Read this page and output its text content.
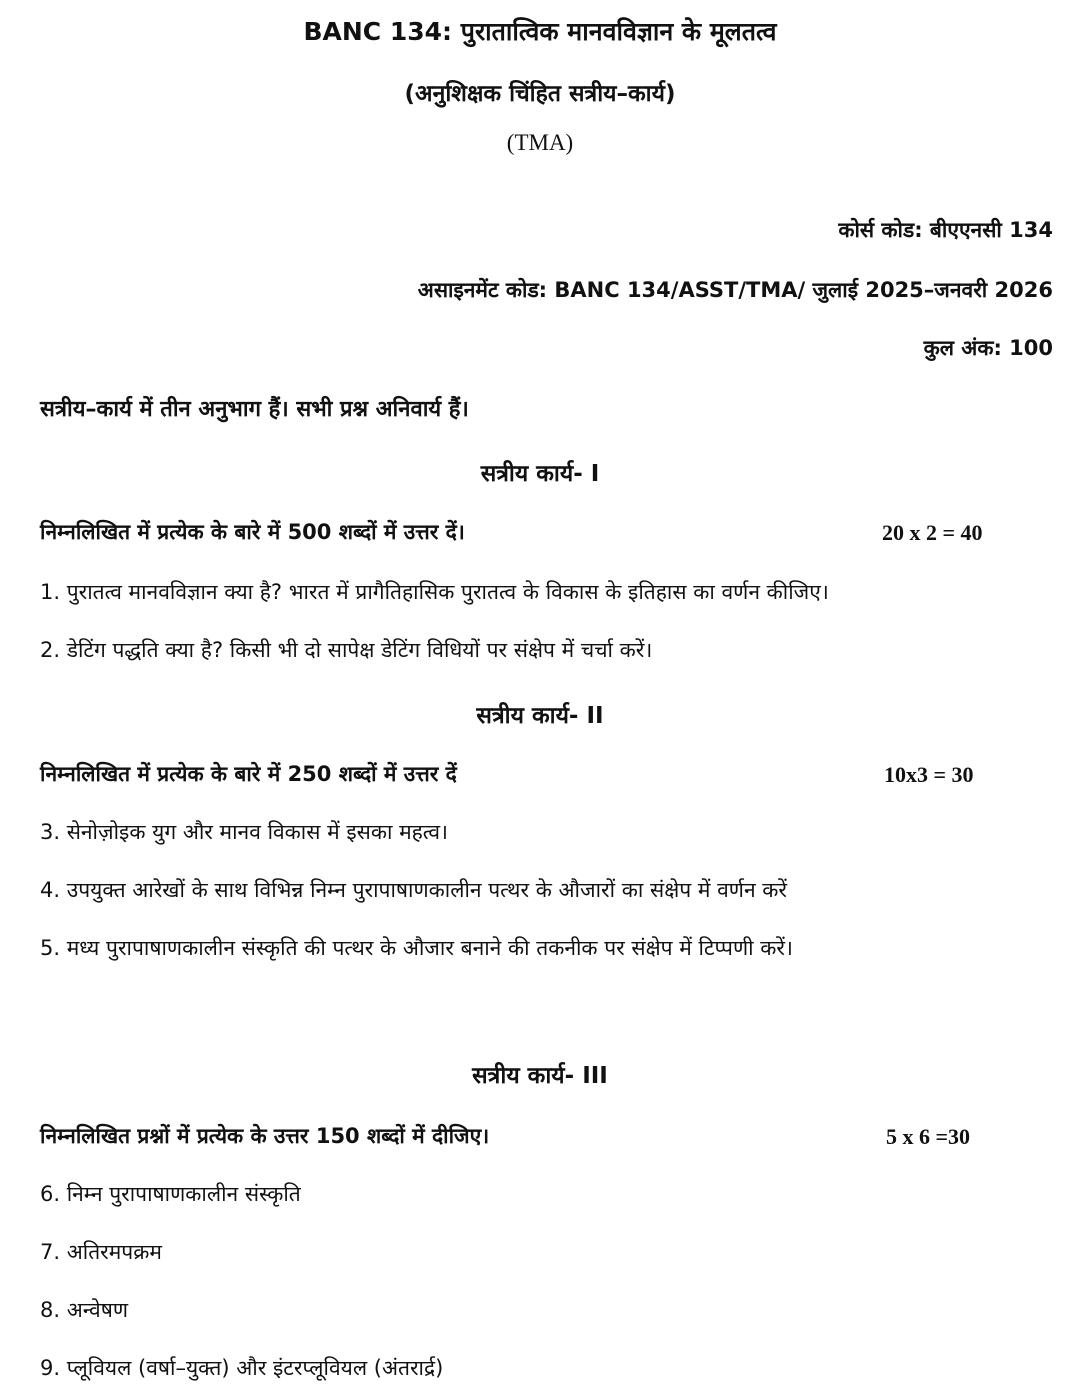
BANC 134: पुरातात्विक मानवविज्ञान के मूलतत्व
(अनुशिक्षक चिंहित सत्रीय–कार्य)
(TMA)
कोर्स कोड: बीएएनसी 134
असाइनमेंट कोड: BANC 134/ASST/TMA/ जुलाई 2025–जनवरी 2026
कुल अंक: 100
सत्रीय–कार्य में तीन अनुभाग हैं। सभी प्रश्न अनिवार्य हैं।
सत्रीय कार्य- I
निम्नलिखित में प्रत्येक के बारे में 500 शब्दों में उत्तर दें।	20 x 2 = 40
1. पुरातत्व मानवविज्ञान क्या है? भारत में प्रागैतिहासिक पुरातत्व के विकास के इतिहास का वर्णन कीजिए।
2. डेटिंग पद्धति क्या है? किसी भी दो सापेक्ष डेटिंग विधियों पर संक्षेप में चर्चा करें।
सत्रीय कार्य- II
निम्नलिखित में प्रत्येक के बारे में 250 शब्दों में उत्तर दें	10x3 = 30
3. सेनोज़ोइक युग और मानव विकास में इसका महत्व।
4. उपयुक्त आरेखों के साथ विभिन्न निम्न पुरापाषाणकालीन पत्थर के औजारों का संक्षेप में वर्णन करें
5. मध्य पुरापाषाणकालीन संस्कृति की पत्थर के औजार बनाने की तकनीक पर संक्षेप में टिप्पणी करें।
सत्रीय कार्य- III
निम्नलिखित प्रश्नों में प्रत्येक के उत्तर 150 शब्दों में दीजिए।	5 x 6 =30
6. निम्न पुरापाषाणकालीन संस्कृति
7. अतिरमपक्रम
8. अन्वेषण
9. प्लूवियल (वर्षा–युक्त) और इंटरप्लूवियल (अंतरार्द्र)
